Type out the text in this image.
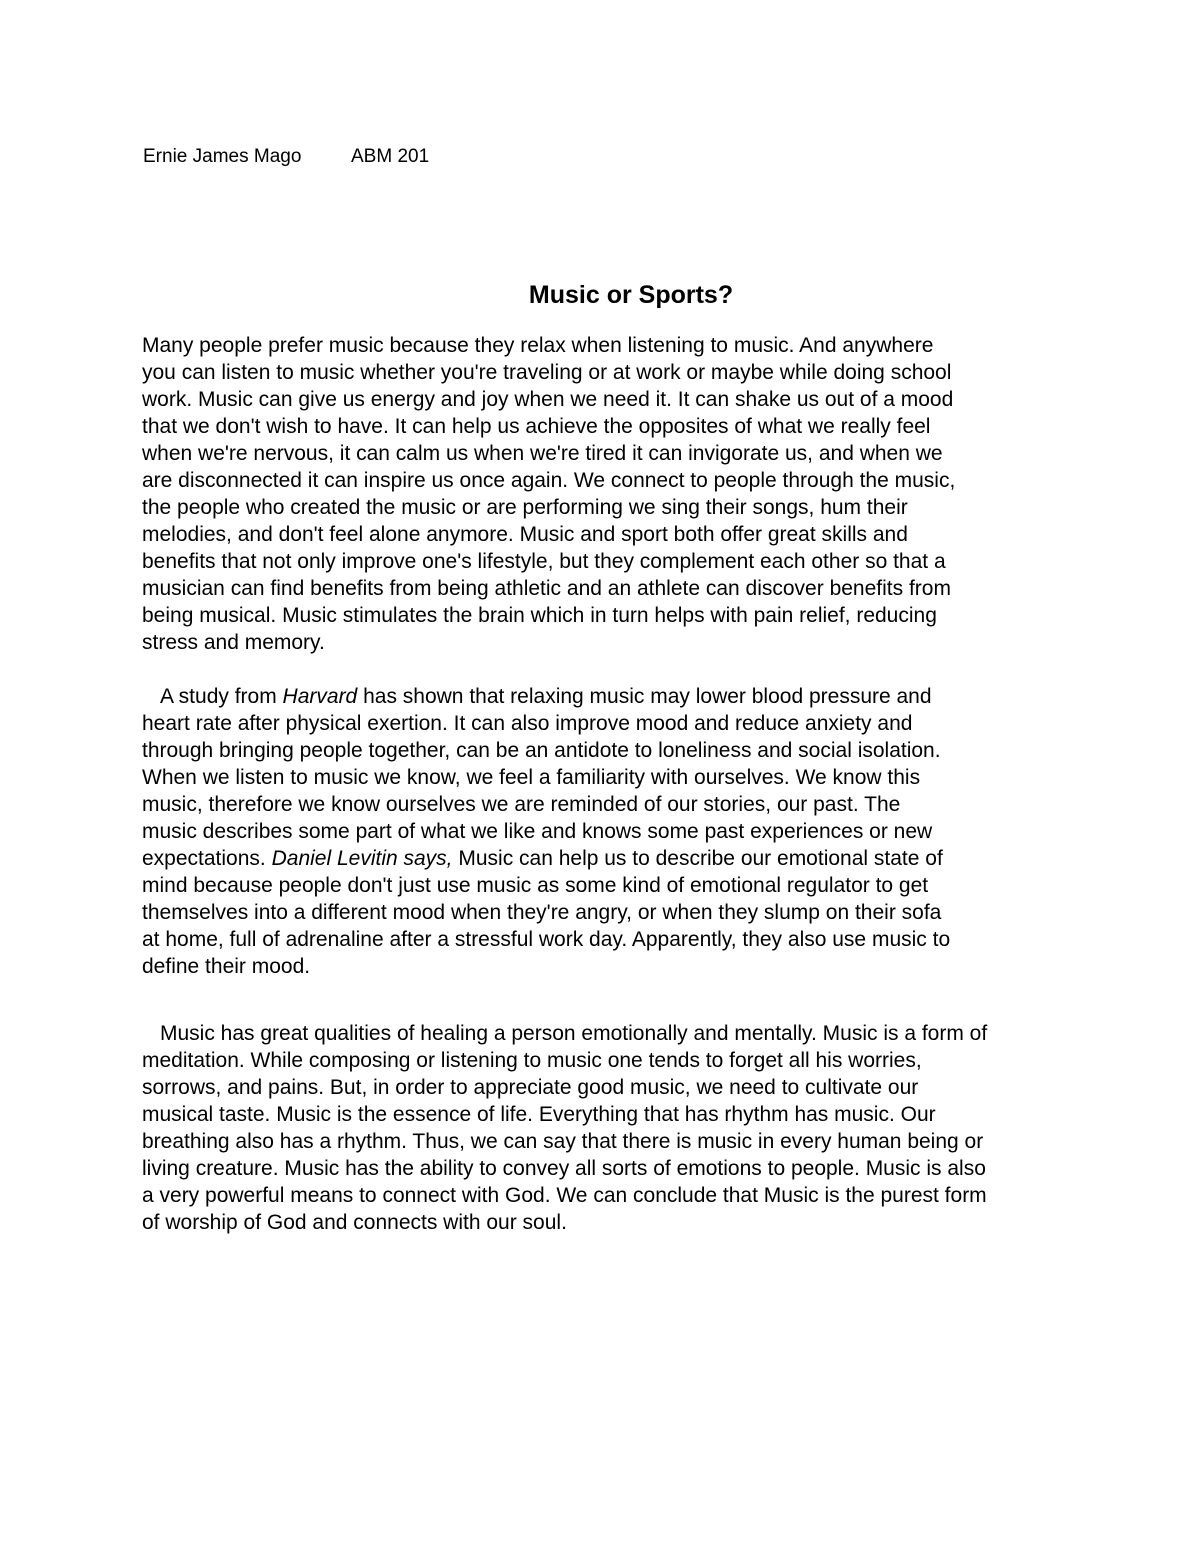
Ernie James Mago	ABM 201
Music or Sports?
Many people prefer music because they relax when listening to music. And anywhere
you can listen to music whether you're traveling or at work or maybe while doing school
work. Music can give us energy and joy when we need it. It can shake us out of a mood
that we don't wish to have. It can help us achieve the opposites of what we really feel
when we're nervous, it can calm us when we're tired it can invigorate us, and when we
are disconnected it can inspire us once again. We connect to people through the music,
the people who created the music or are performing we sing their songs, hum their
melodies, and don't feel alone anymore. Music and sport both offer great skills and
benefits that not only improve one's lifestyle, but they complement each other so that a
musician can find benefits from being athletic and an athlete can discover benefits from
being musical. Music stimulates the brain which in turn helps with pain relief, reducing
stress and memory.
A study from Harvard has shown that relaxing music may lower blood pressure and
heart rate after physical exertion. It can also improve mood and reduce anxiety and
through bringing people together, can be an antidote to loneliness and social isolation.
When we listen to music we know, we feel a familiarity with ourselves. We know this
music, therefore we know ourselves we are reminded of our stories, our past. The
music describes some part of what we like and knows some past experiences or new
expectations. Daniel Levitin says, Music can help us to describe our emotional state of
mind because people don't just use music as some kind of emotional regulator to get
themselves into a different mood when they're angry, or when they slump on their sofa
at home, full of adrenaline after a stressful work day. Apparently, they also use music to
define their mood.
Music has great qualities of healing a person emotionally and mentally. Music is a form of
meditation. While composing or listening to music one tends to forget all his worries,
sorrows, and pains. But, in order to appreciate good music, we need to cultivate our
musical taste. Music is the essence of life. Everything that has rhythm has music. Our
breathing also has a rhythm. Thus, we can say that there is music in every human being or
living creature. Music has the ability to convey all sorts of emotions to people. Music is also
a very powerful means to connect with God. We can conclude that Music is the purest form
of worship of God and connects with our soul.
